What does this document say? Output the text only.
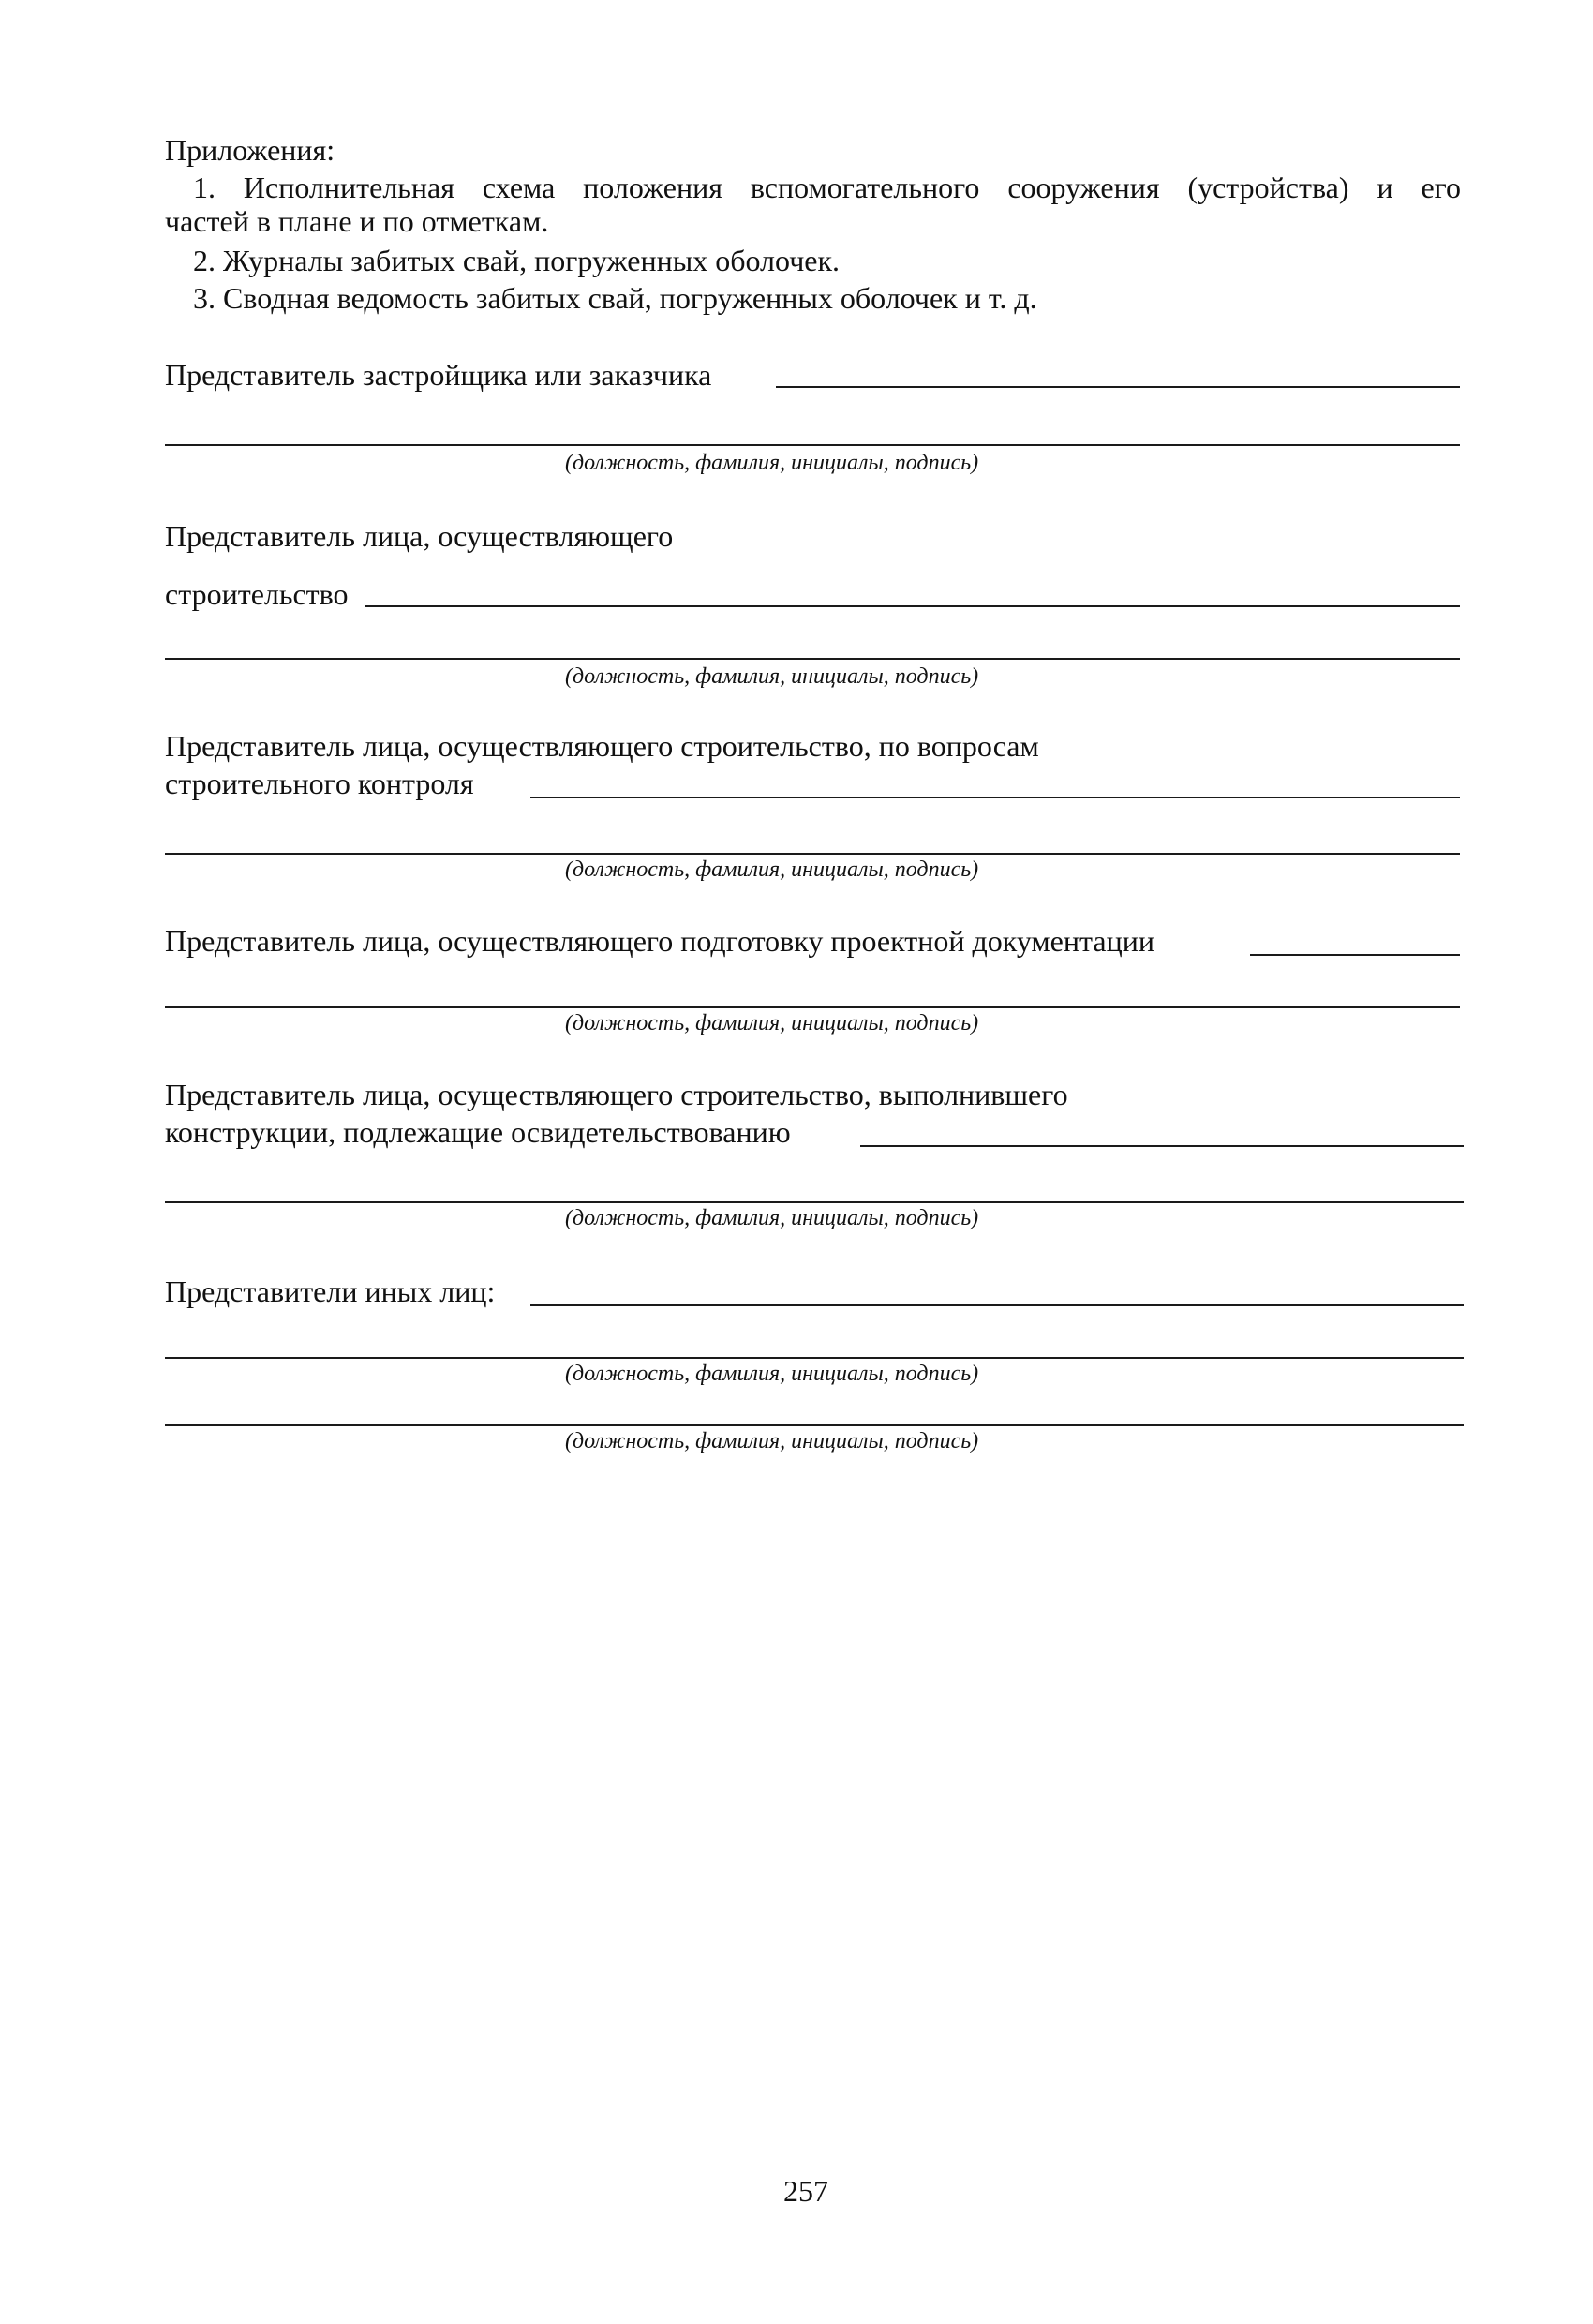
Приложения:
1. Исполнительная схема положения вспомогательного сооружения (устройства) и его
частей в плане и по отметкам.
2. Журналы забитых свай, погруженных оболочек.
3. Сводная ведомость забитых свай, погруженных оболочек и т. д.
Представитель застройщика или заказчика
(должность, фамилия, инициалы, подпись)
Представитель лица, осуществляющего
строительство
(должность, фамилия, инициалы, подпись)
Представитель лица, осуществляющего строительство, по вопросам
строительного контроля
(должность, фамилия, инициалы, подпись)
Представитель лица, осуществляющего подготовку проектной документации
(должность, фамилия, инициалы, подпись)
Представитель лица, осуществляющего строительство, выполнившего
конструкции, подлежащие освидетельствованию
(должность, фамилия, инициалы, подпись)
Представители иных лиц:
(должность, фамилия, инициалы, подпись)
(должность, фамилия, инициалы, подпись)
257
